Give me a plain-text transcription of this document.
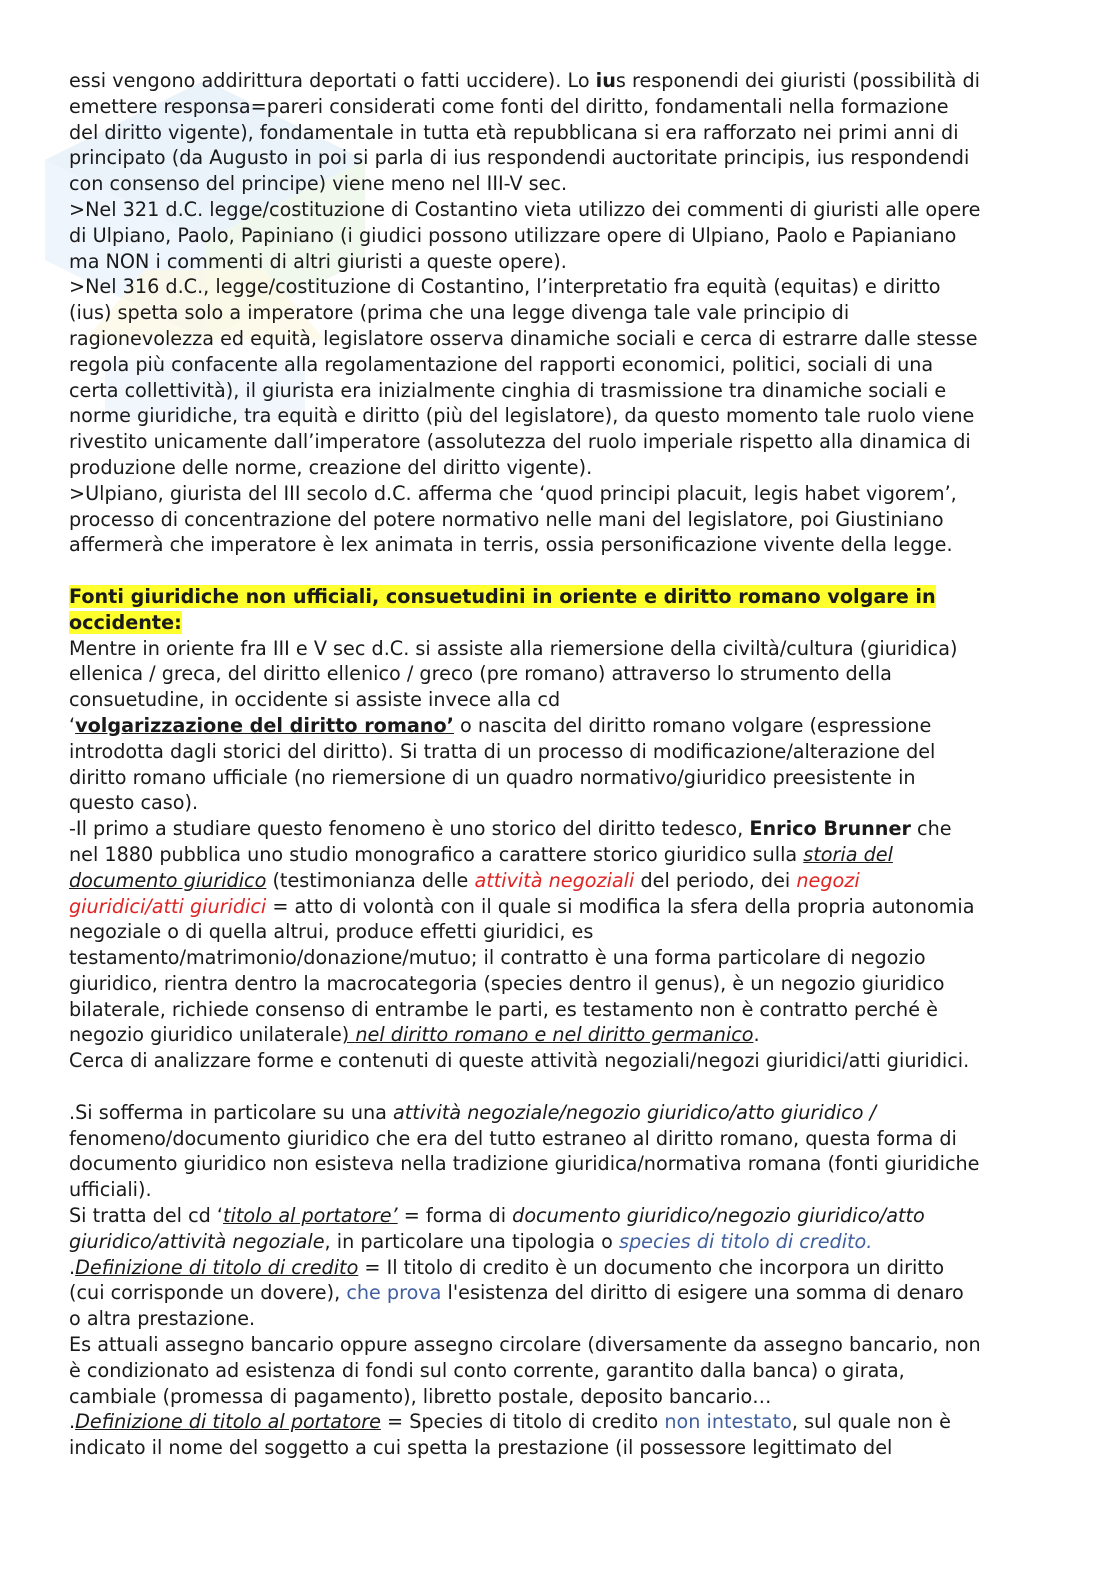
essi vengono addirittura deportati o fatti uccidere). Lo ius responendi dei giuristi (possibilità di
emettere responsa=pareri considerati come fonti del diritto, fondamentali nella formazione
del diritto vigente), fondamentale in tutta età repubblicana si era rafforzato nei primi anni di
principato (da Augusto in poi si parla di ius respondendi auctoritate principis, ius respondendi
con consenso del principe) viene meno nel III-V sec.
>Nel 321 d.C. legge/costituzione di Costantino vieta utilizzo dei commenti di giuristi alle opere
di Ulpiano, Paolo, Papiniano (i giudici possono utilizzare opere di Ulpiano, Paolo e Papianiano
ma NON i commenti di altri giuristi a queste opere).
>Nel 316 d.C., legge/costituzione di Costantino, l’interpretatio fra equità (equitas) e diritto
(ius) spetta solo a imperatore (prima che una legge divenga tale vale principio di
ragionevolezza ed equità, legislatore osserva dinamiche sociali e cerca di estrarre dalle stesse
regola più confacente alla regolamentazione del rapporti economici, politici, sociali di una
certa collettività), il giurista era inizialmente cinghia di trasmissione tra dinamiche sociali e
norme giuridiche, tra equità e diritto (più del legislatore), da questo momento tale ruolo viene
rivestito unicamente dall’imperatore (assolutezza del ruolo imperiale rispetto alla dinamica di
produzione delle norme, creazione del diritto vigente).
>Ulpiano, giurista del III secolo d.C. afferma che ‘quod principi placuit, legis habet vigorem’,
processo di concentrazione del potere normativo nelle mani del legislatore, poi Giustiniano
affermerà che imperatore è lex animata in terris, ossia personificazione vivente della legge.
Fonti giuridiche non ufficiali, consuetudini in oriente e diritto romano volgare in
occidente:
Mentre in oriente fra III e V sec d.C. si assiste alla riemersione della civiltà/cultura (giuridica)
ellenica / greca, del diritto ellenico / greco (pre romano) attraverso lo strumento della
consuetudine, in occidente si assiste invece alla cd
‘volgarizzazione del diritto romano’ o nascita del diritto romano volgare (espressione
introdotta dagli storici del diritto). Si tratta di un processo di modificazione/alterazione del
diritto romano ufficiale (no riemersione di un quadro normativo/giuridico preesistente in
questo caso).
-Il primo a studiare questo fenomeno è uno storico del diritto tedesco, Enrico Brunner che
nel 1880 pubblica uno studio monografico a carattere storico giuridico sulla storia del
documento giuridico (testimonianza delle attività negoziali del periodo, dei negozi
giuridici/atti giuridici = atto di volontà con il quale si modifica la sfera della propria autonomia
negoziale o di quella altrui, produce effetti giuridici, es
testamento/matrimonio/donazione/mutuo; il contratto è una forma particolare di negozio
giuridico, rientra dentro la macrocategoria (species dentro il genus), è un negozio giuridico
bilaterale, richiede consenso di entrambe le parti, es testamento non è contratto perché è
negozio giuridico unilaterale) nel diritto romano e nel diritto germanico.
Cerca di analizzare forme e contenuti di queste attività negoziali/negozi giuridici/atti giuridici.
.Si sofferma in particolare su una attività negoziale/negozio giuridico/atto giuridico /
fenomeno/documento giuridico che era del tutto estraneo al diritto romano, questa forma di
documento giuridico non esisteva nella tradizione giuridica/normativa romana (fonti giuridiche
ufficiali).
Si tratta del cd ‘titolo al portatore’ = forma di documento giuridico/negozio giuridico/atto
giuridico/attività negoziale, in particolare una tipologia o species di titolo di credito.
.Definizione di titolo di credito = Il titolo di credito è un documento che incorpora un diritto
(cui corrisponde un dovere), che prova l'esistenza del diritto di esigere una somma di denaro
o altra prestazione.
Es attuali assegno bancario oppure assegno circolare (diversamente da assegno bancario, non
è condizionato ad esistenza di fondi sul conto corrente, garantito dalla banca) o girata,
cambiale (promessa di pagamento), libretto postale, deposito bancario…
.Definizione di titolo al portatore = Species di titolo di credito non intestato, sul quale non è
indicato il nome del soggetto a cui spetta la prestazione (il possessore legittimato del
